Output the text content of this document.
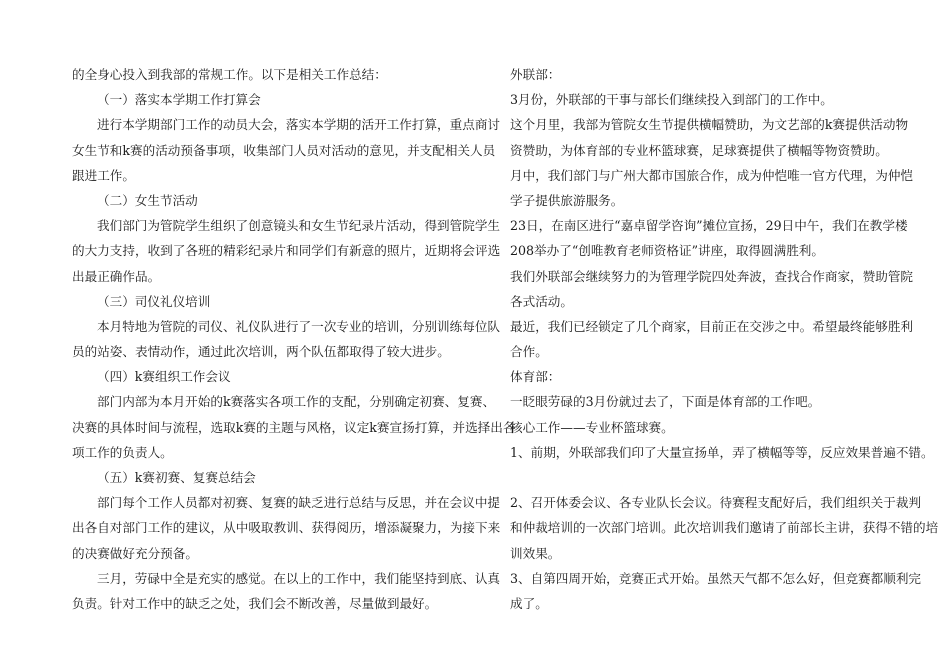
的全身心投入到我部的常规工作。以下是相关工作总结：
（一）落实本学期工作打算会
进行本学期部门工作的动员大会，落实本学期的活开工作打算，重点商讨
女生节和k赛的活动预备事项，收集部门人员对活动的意见，并支配相关人员
跟进工作。
（二）女生节活动
我们部门为管院学生组织了创意镜头和女生节纪录片活动，得到管院学生
的大力支持，收到了各班的精彩纪录片和同学们有新意的照片，近期将会评选
出最正确作品。
（三）司仪礼仪培训
本月特地为管院的司仪、礼仪队进行了一次专业的培训，分别训练每位队
员的站姿、表情动作，通过此次培训，两个队伍都取得了较大进步。
（四）k赛组织工作会议
部门内部为本月开始的k赛落实各项工作的支配，分别确定初赛、复赛、
决赛的具体时间与流程，选取k赛的主题与风格，议定k赛宣扬打算，并选择出各
项工作的负责人。
（五）k赛初赛、复赛总结会
部门每个工作人员都对初赛、复赛的缺乏进行总结与反思，并在会议中提
出各自对部门工作的建议，从中吸取教训、获得阅历，增添凝聚力，为接下来
的决赛做好充分预备。
三月，劳碌中全是充实的感觉。在以上的工作中，我们能坚持到底、认真
负责。针对工作中的缺乏之处，我们会不断改善，尽量做到最好。
外联部：
3月份，外联部的干事与部长们继续投入到部门的工作中。
这个月里，我部为管院女生节提供横幅赞助，为文艺部的k赛提供活动物
资赞助，为体育部的专业杯篮球赛，足球赛提供了横幅等物资赞助。
月中，我们部门与广州大都市国旅合作，成为仲恺唯一官方代理，为仲恺
学子提供旅游服务。
23日，在南区进行“嘉卓留学咨询”摊位宣扬，29日中午，我们在教学楼
208举办了“创唯教育老师资格证”讲座，取得圆满胜利。
我们外联部会继续努力的为管理学院四处奔波，查找合作商家，赞助管院
各式活动。
最近，我们已经锁定了几个商家，目前正在交涉之中。希望最终能够胜利
合作。
体育部：
一眨眼劳碌的3月份就过去了，下面是体育部的工作吧。
核心工作——专业杯篮球赛。
1、前期，外联部我们印了大量宣扬单，弄了横幅等等，反应效果普遍不错。
2、召开体委会议、各专业队长会议。待赛程支配好后，我们组织关于裁判
和仲裁培训的一次部门培训。此次培训我们邀请了前部长主讲，获得不错的培
训效果。
3、自第四周开始，竞赛正式开始。虽然天气都不怎么好，但竞赛都顺利完
成了。
